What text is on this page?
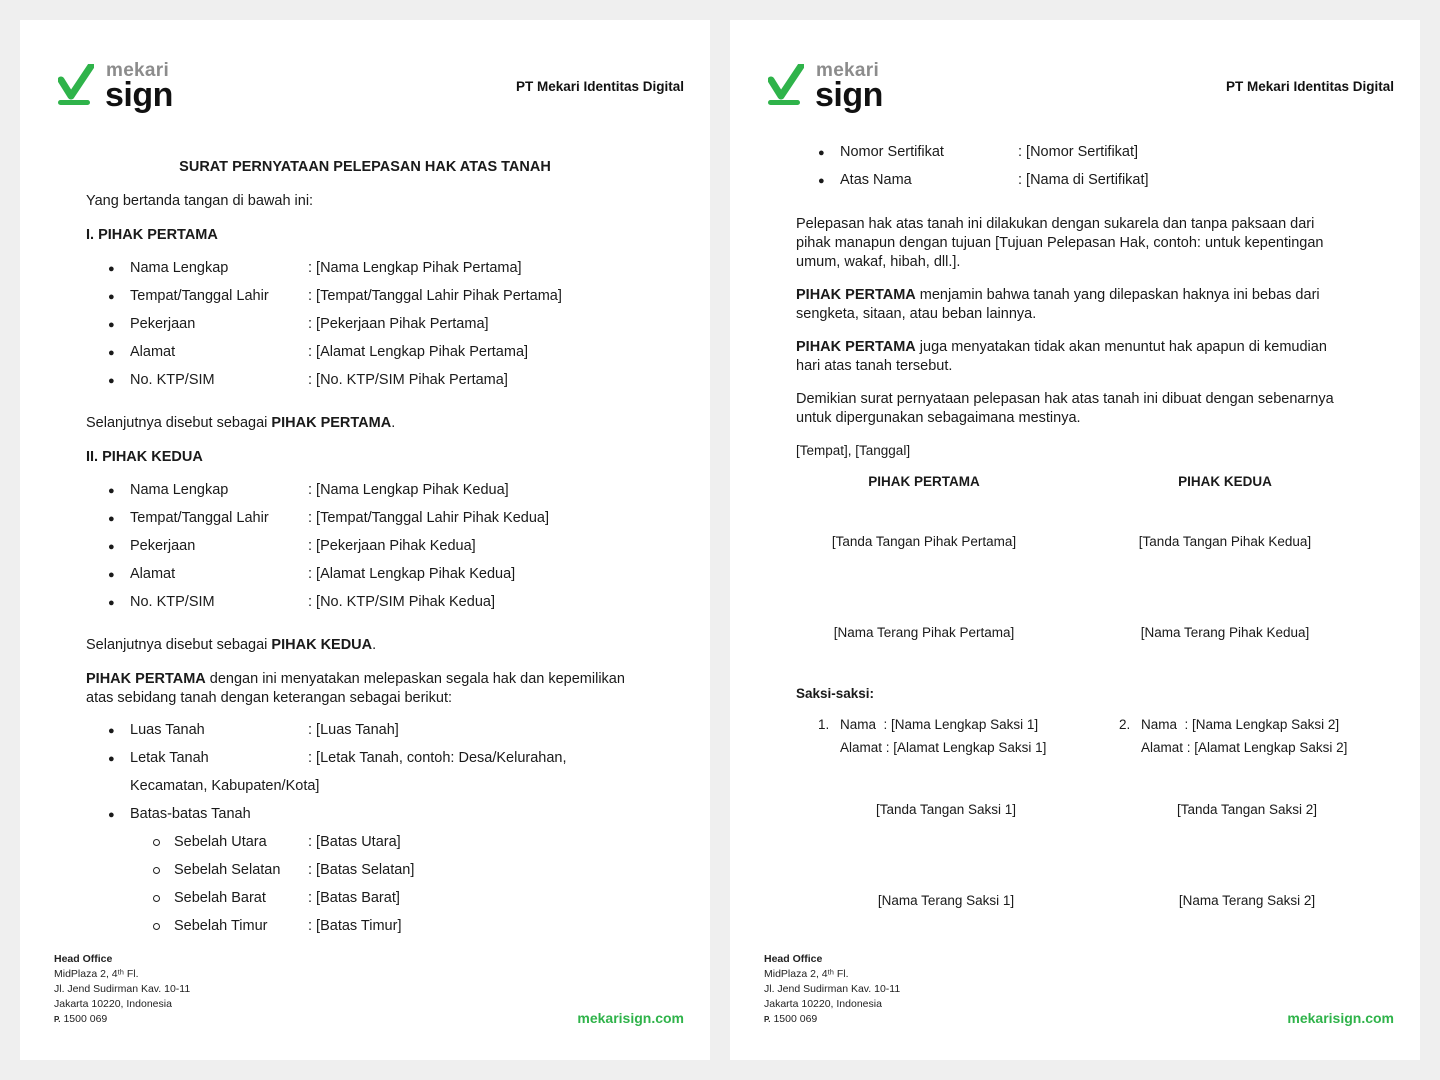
mekari
sign	PT Mekari Identitas Digital
SURAT PERNYATAAN PELEPASAN HAK ATAS TANAH
Yang bertanda tangan di bawah ini:
I. PIHAK PERTAMA
● Nama Lengkap	: [Nama Lengkap Pihak Pertama]
● Tempat/Tanggal Lahir	: [Tempat/Tanggal Lahir Pihak Pertama]
● Pekerjaan	: [Pekerjaan Pihak Pertama]
● Alamat	: [Alamat Lengkap Pihak Pertama]
● No. KTP/SIM	: [No. KTP/SIM Pihak Pertama]
Selanjutnya disebut sebagai PIHAK PERTAMA.
II. PIHAK KEDUA
● Nama Lengkap	: [Nama Lengkap Pihak Kedua]
● Tempat/Tanggal Lahir	: [Tempat/Tanggal Lahir Pihak Kedua]
● Pekerjaan	: [Pekerjaan Pihak Kedua]
● Alamat	: [Alamat Lengkap Pihak Kedua]
● No. KTP/SIM	: [No. KTP/SIM Pihak Kedua]
Selanjutnya disebut sebagai PIHAK KEDUA.
PIHAK PERTAMA dengan ini menyatakan melepaskan segala hak dan kepemilikan
atas sebidang tanah dengan keterangan sebagai berikut:
● Luas Tanah	: [Luas Tanah]
● Letak Tanah	: [Letak Tanah, contoh: Desa/Kelurahan,
Kecamatan, Kabupaten/Kota]
● Batas-batas Tanah
Sebelah Utara	: [Batas Utara]
Sebelah Selatan : [Batas Selatan]
Sebelah Barat	: [Batas Barat]
Sebelah Timur	: [Batas Timur]
Head Office
MidPlaza 2, 4ᵗʰ Fl.
Jl. Jend Sudirman Kav. 10-11
Jakarta 10220, Indonesia
P. 1500 069	mekarisign.com
mekari
sign	PT Mekari Identitas Digital
● Nomor Sertifikat	: [Nomor Sertifikat]
● Atas Nama	: [Nama di Sertifikat]
Pelepasan hak atas tanah ini dilakukan dengan sukarela dan tanpa paksaan dari
pihak manapun dengan tujuan [Tujuan Pelepasan Hak, contoh: untuk kepentingan
umum, wakaf, hibah, dll.].
PIHAK PERTAMA menjamin bahwa tanah yang dilepaskan haknya ini bebas dari
sengketa, sitaan, atau beban lainnya.
PIHAK PERTAMA juga menyatakan tidak akan menuntut hak apapun di kemudian
hari atas tanah tersebut.
Demikian surat pernyataan pelepasan hak atas tanah ini dibuat dengan sebenarnya
untuk dipergunakan sebagaimana mestinya.
[Tempat], [Tanggal]
PIHAK PERTAMA	PIHAK KEDUA
[Tanda Tangan Pihak Pertama]	[Tanda Tangan Pihak Kedua]
[Nama Terang Pihak Pertama]	[Nama Terang Pihak Kedua]
Saksi-saksi:
1. Nama  : [Nama Lengkap Saksi 1]
Alamat : [Alamat Lengkap Saksi 1]
2. Nama  : [Nama Lengkap Saksi 2]
Alamat : [Alamat Lengkap Saksi 2]
[Tanda Tangan Saksi 1]	[Tanda Tangan Saksi 2]
[Nama Terang Saksi 1]	[Nama Terang Saksi 2]
Head Office
MidPlaza 2, 4ᵗʰ Fl.
Jl. Jend Sudirman Kav. 10-11
Jakarta 10220, Indonesia
P. 1500 069	mekarisign.com
